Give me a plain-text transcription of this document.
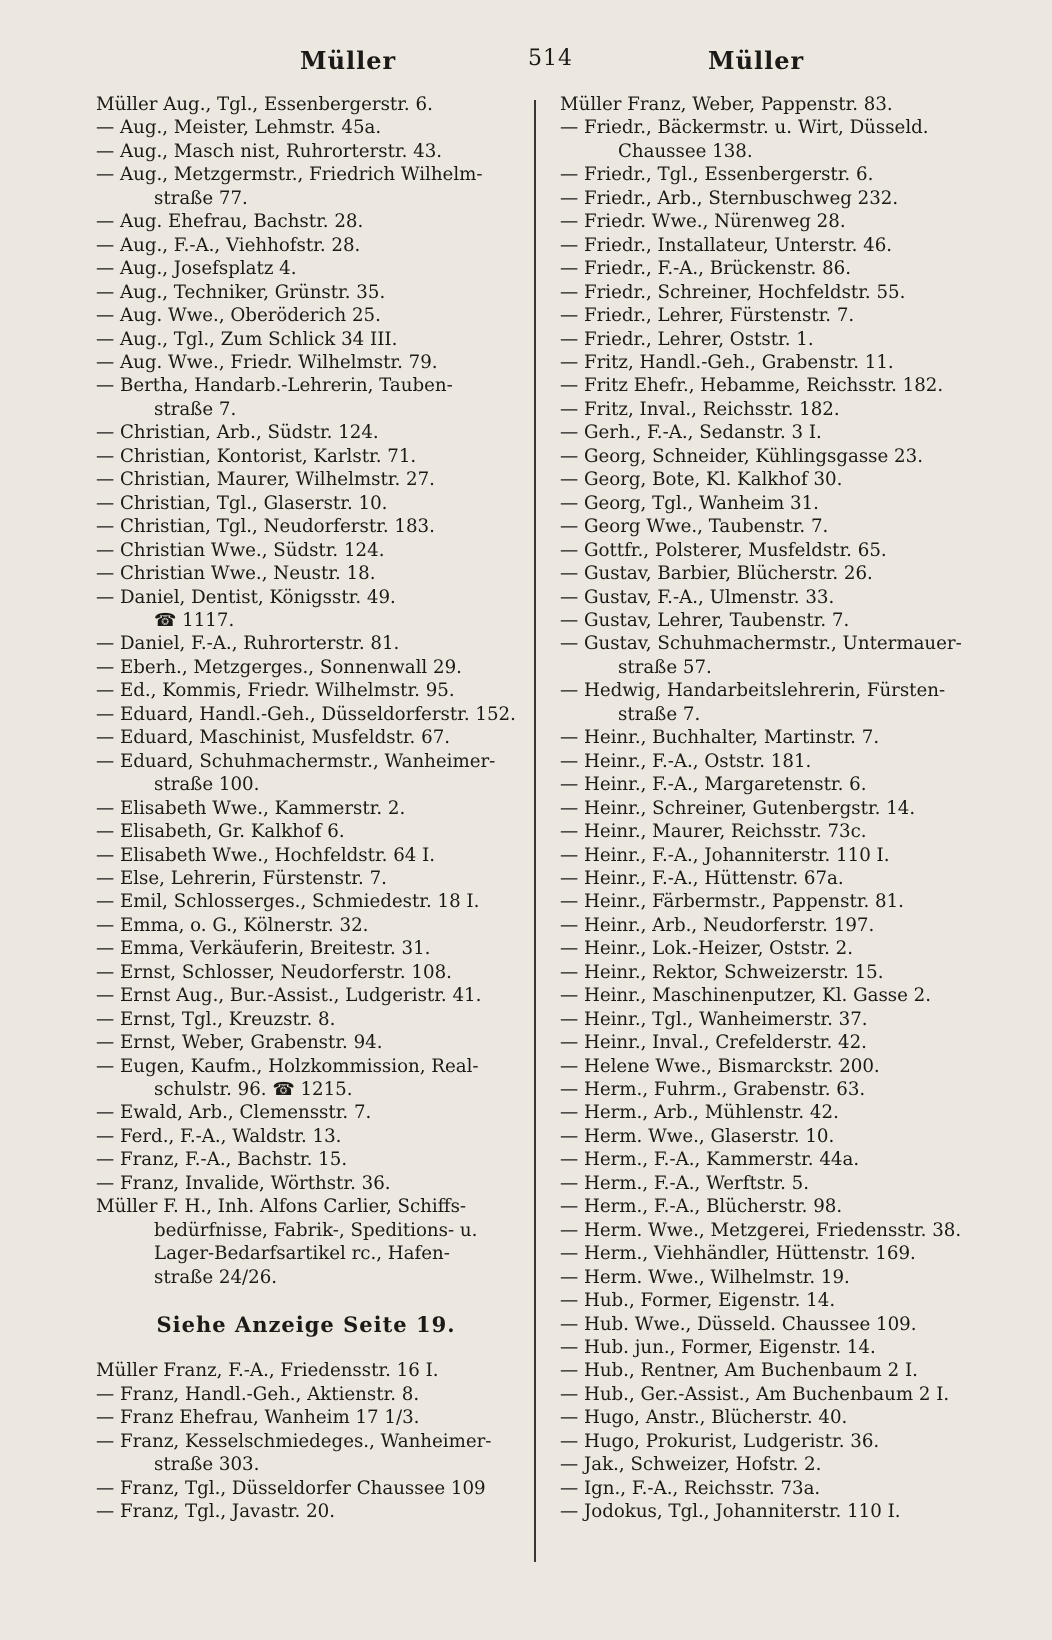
Müller	514	Müller
Müller Aug., Tgl., Essenbergerstr. 6.
— Aug., Meister, Lehmstr. 45a.
— Aug., Masch nist, Ruhrorterstr. 43.
— Aug., Metzgermstr., Friedrich Wilhelm-
straße 77.
— Aug. Ehefrau, Bachstr. 28.
— Aug., F.-A., Viehhofstr. 28.
— Aug., Josefsplatz 4.
— Aug., Techniker, Grünstr. 35.
— Aug. Wwe., Oberöderich 25.
— Aug., Tgl., Zum Schlick 34 III.
— Aug. Wwe., Friedr. Wilhelmstr. 79.
— Bertha, Handarb.-Lehrerin, Tauben-
straße 7.
— Christian, Arb., Südstr. 124.
— Christian, Kontorist, Karlstr. 71.
— Christian, Maurer, Wilhelmstr. 27.
— Christian, Tgl., Glaserstr. 10.
— Christian, Tgl., Neudorferstr. 183.
— Christian Wwe., Südstr. 124.
— Christian Wwe., Neustr. 18.
— Daniel, Dentist, Königsstr. 49.
☎ 1117.
— Daniel, F.-A., Ruhrorterstr. 81.
— Eberh., Metzgerges., Sonnenwall 29.
— Ed., Kommis, Friedr. Wilhelmstr. 95.
— Eduard, Handl.-Geh., Düsseldorferstr. 152.
— Eduard, Maschinist, Musfeldstr. 67.
— Eduard, Schuhmachermstr., Wanheimer-
straße 100.
— Elisabeth Wwe., Kammerstr. 2.
— Elisabeth, Gr. Kalkhof 6.
— Elisabeth Wwe., Hochfeldstr. 64 I.
— Else, Lehrerin, Fürstenstr. 7.
— Emil, Schlosserges., Schmiedestr. 18 I.
— Emma, o. G., Kölnerstr. 32.
— Emma, Verkäuferin, Breitestr. 31.
— Ernst, Schlosser, Neudorferstr. 108.
— Ernst Aug., Bur.-Assist., Ludgeristr. 41.
— Ernst, Tgl., Kreuzstr. 8.
— Ernst, Weber, Grabenstr. 94.
— Eugen, Kaufm., Holzkommission, Real-
schulstr. 96. ☎ 1215.
— Ewald, Arb., Clemensstr. 7.
— Ferd., F.-A., Waldstr. 13.
— Franz, F.-A., Bachstr. 15.
— Franz, Invalide, Wörthstr. 36.
Müller F. H., Inh. Alfons Carlier, Schiffs-
bedürfnisse, Fabrik-, Speditions- u.
Lager-Bedarfsartikel rc., Hafen-
straße 24/26.
Siehe Anzeige Seite 19.
Müller Franz, F.-A., Friedensstr. 16 I.
— Franz, Handl.-Geh., Aktienstr. 8.
— Franz Ehefrau, Wanheim 17 1/3.
— Franz, Kesselschmiedeges., Wanheimer-
straße 303.
— Franz, Tgl., Düsseldorfer Chaussee 109
— Franz, Tgl., Javastr. 20.
Müller Franz, Weber, Pappenstr. 83.
— Friedr., Bäckermstr. u. Wirt, Düsseld.
Chaussee 138.
— Friedr., Tgl., Essenbergerstr. 6.
— Friedr., Arb., Sternbuschweg 232.
— Friedr. Wwe., Nürenweg 28.
— Friedr., Installateur, Unterstr. 46.
— Friedr., F.-A., Brückenstr. 86.
— Friedr., Schreiner, Hochfeldstr. 55.
— Friedr., Lehrer, Fürstenstr. 7.
— Friedr., Lehrer, Oststr. 1.
— Fritz, Handl.-Geh., Grabenstr. 11.
— Fritz Ehefr., Hebamme, Reichsstr. 182.
— Fritz, Inval., Reichsstr. 182.
— Gerh., F.-A., Sedanstr. 3 I.
— Georg, Schneider, Kühlingsgasse 23.
— Georg, Bote, Kl. Kalkhof 30.
— Georg, Tgl., Wanheim 31.
— Georg Wwe., Taubenstr. 7.
— Gottfr., Polsterer, Musfeldstr. 65.
— Gustav, Barbier, Blücherstr. 26.
— Gustav, F.-A., Ulmenstr. 33.
— Gustav, Lehrer, Taubenstr. 7.
— Gustav, Schuhmachermstr., Untermauer-
straße 57.
— Hedwig, Handarbeitslehrerin, Fürsten-
straße 7.
— Heinr., Buchhalter, Martinstr. 7.
— Heinr., F.-A., Oststr. 181.
— Heinr., F.-A., Margaretenstr. 6.
— Heinr., Schreiner, Gutenbergstr. 14.
— Heinr., Maurer, Reichsstr. 73c.
— Heinr., F.-A., Johanniterstr. 110 I.
— Heinr., F.-A., Hüttenstr. 67a.
— Heinr., Färbermstr., Pappenstr. 81.
— Heinr., Arb., Neudorferstr. 197.
— Heinr., Lok.-Heizer, Oststr. 2.
— Heinr., Rektor, Schweizerstr. 15.
— Heinr., Maschinenputzer, Kl. Gasse 2.
— Heinr., Tgl., Wanheimerstr. 37.
— Heinr., Inval., Crefelderstr. 42.
— Helene Wwe., Bismarckstr. 200.
— Herm., Fuhrm., Grabenstr. 63.
— Herm., Arb., Mühlenstr. 42.
— Herm. Wwe., Glaserstr. 10.
— Herm., F.-A., Kammerstr. 44a.
— Herm., F.-A., Werftstr. 5.
— Herm., F.-A., Blücherstr. 98.
— Herm. Wwe., Metzgerei, Friedensstr. 38.
— Herm., Viehhändler, Hüttenstr. 169.
— Herm. Wwe., Wilhelmstr. 19.
— Hub., Former, Eigenstr. 14.
— Hub. Wwe., Düsseld. Chaussee 109.
— Hub. jun., Former, Eigenstr. 14.
— Hub., Rentner, Am Buchenbaum 2 I.
— Hub., Ger.-Assist., Am Buchenbaum 2 I.
— Hugo, Anstr., Blücherstr. 40.
— Hugo, Prokurist, Ludgeristr. 36.
— Jak., Schweizer, Hofstr. 2.
— Ign., F.-A., Reichsstr. 73a.
— Jodokus, Tgl., Johanniterstr. 110 I.
